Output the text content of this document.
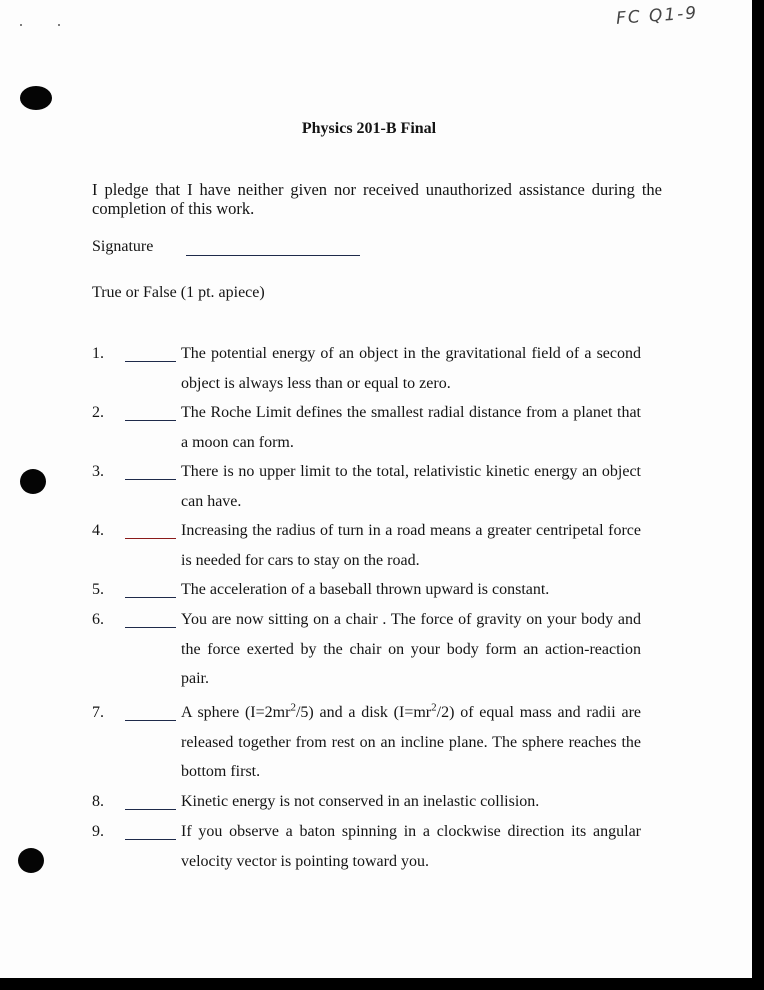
FC Q1-9
Physics 201-B Final
I pledge that I have neither given nor received unauthorized assistance during the completion of this work.
Signature
True or False (1 pt. apiece)
1.	The potential energy of an object in the gravitational field of a second object is always less than or equal to zero.
2.	The Roche Limit defines the smallest radial distance from a planet that a moon can form.
3.	There is no upper limit to the total, relativistic kinetic energy an object can have.
4.	Increasing the radius of turn in a road means a greater centripetal force is needed for cars to stay on the road.
5.	The acceleration of a baseball thrown upward is constant.
6.	You are now sitting on a chair . The force of gravity on your body and the force exerted by the chair on your body form an action-reaction pair.
7.	A sphere $(I=2mr^2/5)$ and a disk $(I=mr^2/2)$ of equal mass and radii are released together from rest on an incline plane. The sphere reaches the bottom first.
8.	Kinetic energy is not conserved in an inelastic collision.
9.	If you observe a baton spinning in a clockwise direction its angular velocity vector is pointing toward you.
